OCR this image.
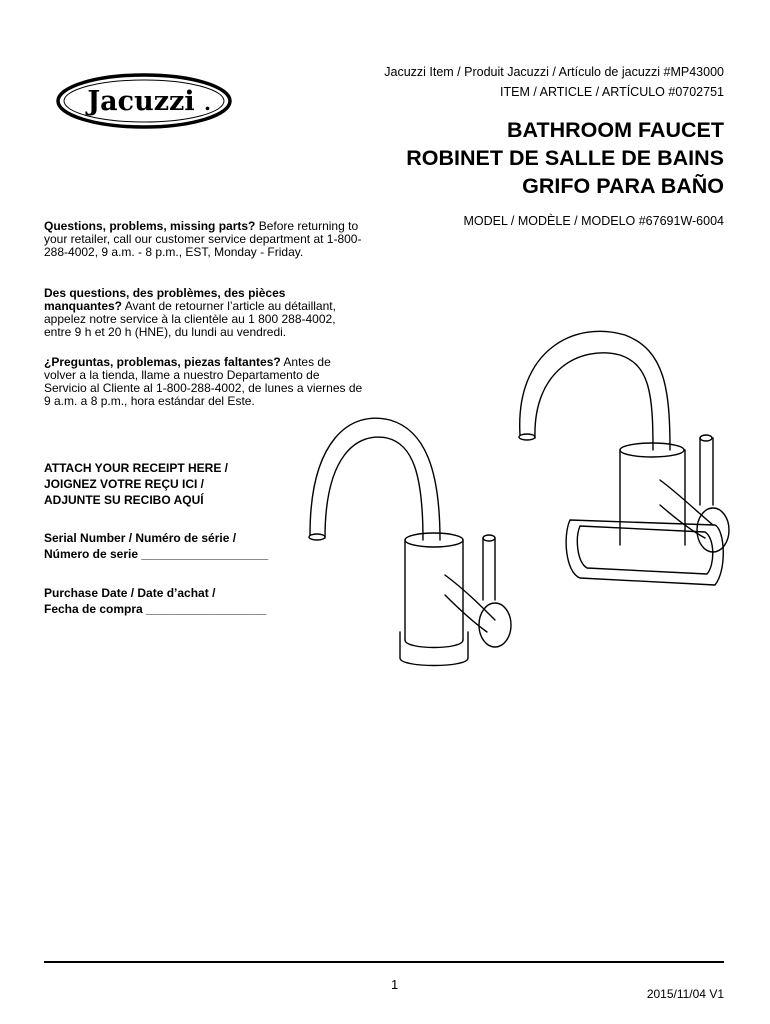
Jacuzzi .
Jacuzzi Item / Produit Jacuzzi / Artículo de jacuzzi #MP43000
ITEM / ARTICLE / ARTÍCULO #0702751
BATHROOM FAUCET
ROBINET DE SALLE DE BAINS
GRIFO PARA BAÑO
MODEL / MODÈLE / MODELO #67691W-6004
Questions, problems, missing parts? Before returning to your retailer, call our customer service department at 1-800-288-4002, 9 a.m. - 8 p.m., EST, Monday - Friday.
Des questions, des problèmes, des pièces manquantes? Avant de retourner l’article au détaillant, appelez notre service à la clientèle au 1 800 288-4002, entre 9 h et 20 h (HNE), du lundi au vendredi.
¿Preguntas, problemas, piezas faltantes? Antes de volver a la tienda, llame a nuestro Departamento de Servicio al Cliente al 1-800-288-4002, de lunes a viernes de 9 a.m. a 8 p.m., hora estándar del Este.
ATTACH YOUR RECEIPT HERE /
JOIGNEZ VOTRE REÇU ICI /
ADJUNTE SU RECIBO AQUÍ
Serial Number / Numéro de série /
Número de serie ___________________
Purchase Date / Date d’achat /
Fecha de compra __________________
1
2015/11/04 V1
